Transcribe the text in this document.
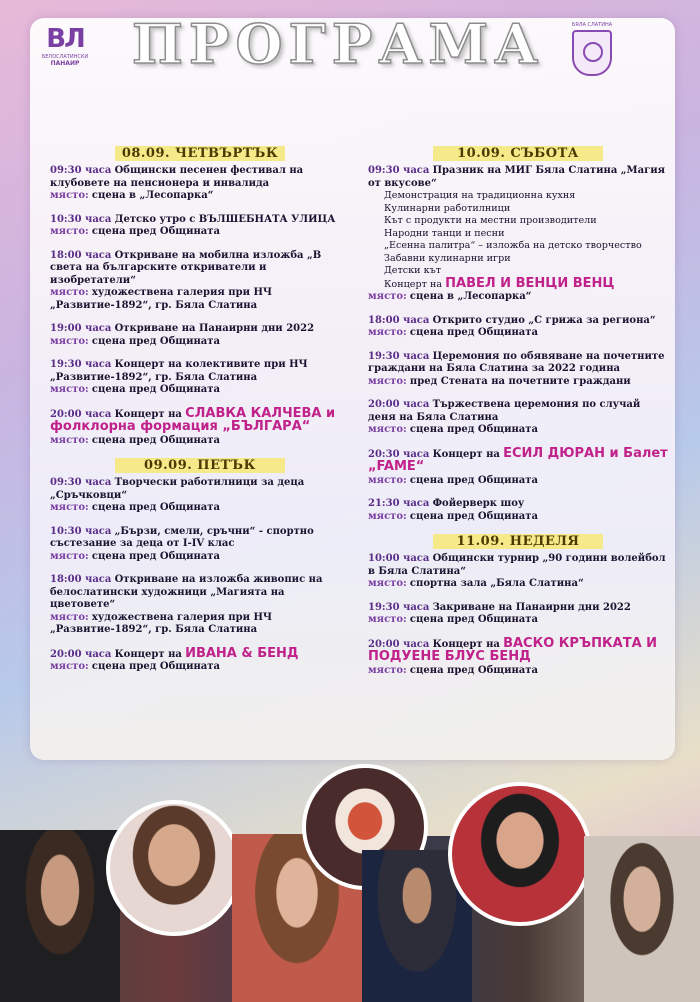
ВЛ
БЕЛОСЛАТИНСКИ
ПАНАИР ПРОГРАМА	БЯЛА СЛАТИНА
08.09. ЧЕТВЪРТЪК
09:30 часа Общински песенен фестивал на клубовете на пенсионера и инвалида
място: сцена в „Лесопарка“
10:30 часа Детско утро с ВЪЛШЕБНАТА УЛИЦА
място: сцена пред Общината
18:00 часа Откриване на мобилна изложба „В света на българските откриватели и изобретатели“
място: художествена галерия при НЧ „Развитие-1892“, гр. Бяла Слатина
19:00 часа Откриване на Панаирни дни 2022
място: сцена пред Общината
19:30 часа Концерт на колективите при НЧ „Развитие-1892“, гр. Бяла Слатина
място: сцена пред Общината
20:00 часа Концерт на СЛАВКА КАЛЧЕВА и фолклорна формация „БЪЛГАРА“
място: сцена пред Общината
09.09. ПЕТЪК
09:30 часа Творчески работилници за деца „Сръчковци“
място: сцена пред Общината
10:30 часа „Бързи, смели, сръчни“ - спортно състезание за деца от I-IV клас
място: сцена пред Общината
18:00 часа Откриване на изложба живопис на белослатински художници „Магията на цветовете“
място: художествена галерия при НЧ „Развитие-1892“, гр. Бяла Слатина
20:00 часа Концерт на ИВАНА & БЕНД
място: сцена пред Общината
10.09. СЪБОТА
09:30 часа Празник на МИГ Бяла Слатина „Магия от вкусове“
Демонстрация на традиционна кухня
Кулинарни работилници
Кът с продукти на местни производители
Народни танци и песни
„Есенна палитра“ – изложба на детско творчество
Забавни кулинарни игри
Детски кът
Концерт на ПАВЕЛ И ВЕНЦИ ВЕНЦ
място: сцена в „Лесопарка“
18:00 часа Открито студио „С грижа за региона“
място: сцена пред Общината
19:30 часа Церемония по обявяване на почетните граждани на Бяла Слатина за 2022 година
място: пред Стената на почетните граждани
20:00 часа Тържествена церемония по случай деня на Бяла Слатина
място: сцена пред Общината
20:30 часа Концерт на ЕСИЛ ДЮРАН и Балет „FAME“
място: сцена пред Общината
21:30 часа Фойерверк шоу
място: сцена пред Общината
11.09. НЕДЕЛЯ
10:00 часа Общински турнир „90 години волейбол в Бяла Слатина“
място: спортна зала „Бяла Слатина“
19:30 часа Закриване на Панаирни дни 2022
място: сцена пред Общината
20:00 часа Концерт на ВАСКО КРЪПКАТА И ПОДУЕНЕ БЛУС БЕНД
място: сцена пред Общината
